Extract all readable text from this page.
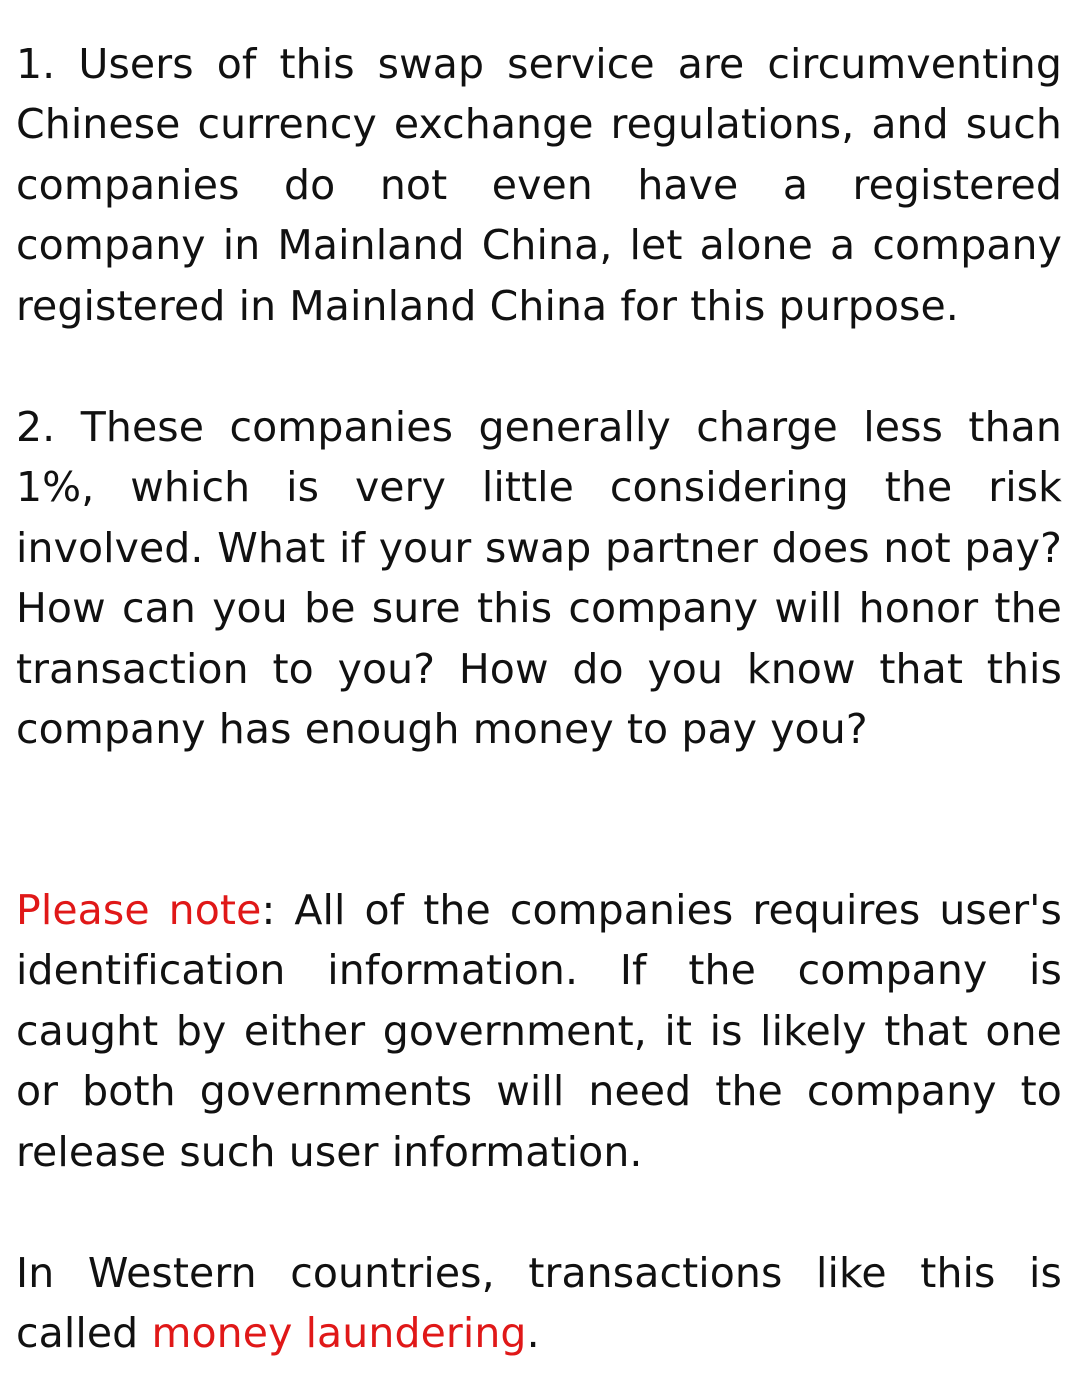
1. Users of this swap service are circumventing Chinese currency exchange regulations, and such companies do not even have a registered company in Mainland China, let alone a company registered in Mainland China for this purpose.

2. These companies generally charge less than 1%, which is very little considering the risk involved. What if your swap partner does not pay? How can you be sure this company will honor the transaction to you? How do you know that this company has enough money to pay you?

Please note: All of the companies requires user's identification information. If the company is caught by either government, it is likely that one or both governments will need the company to release such user information.

In Western countries, transactions like this is called money laundering.
